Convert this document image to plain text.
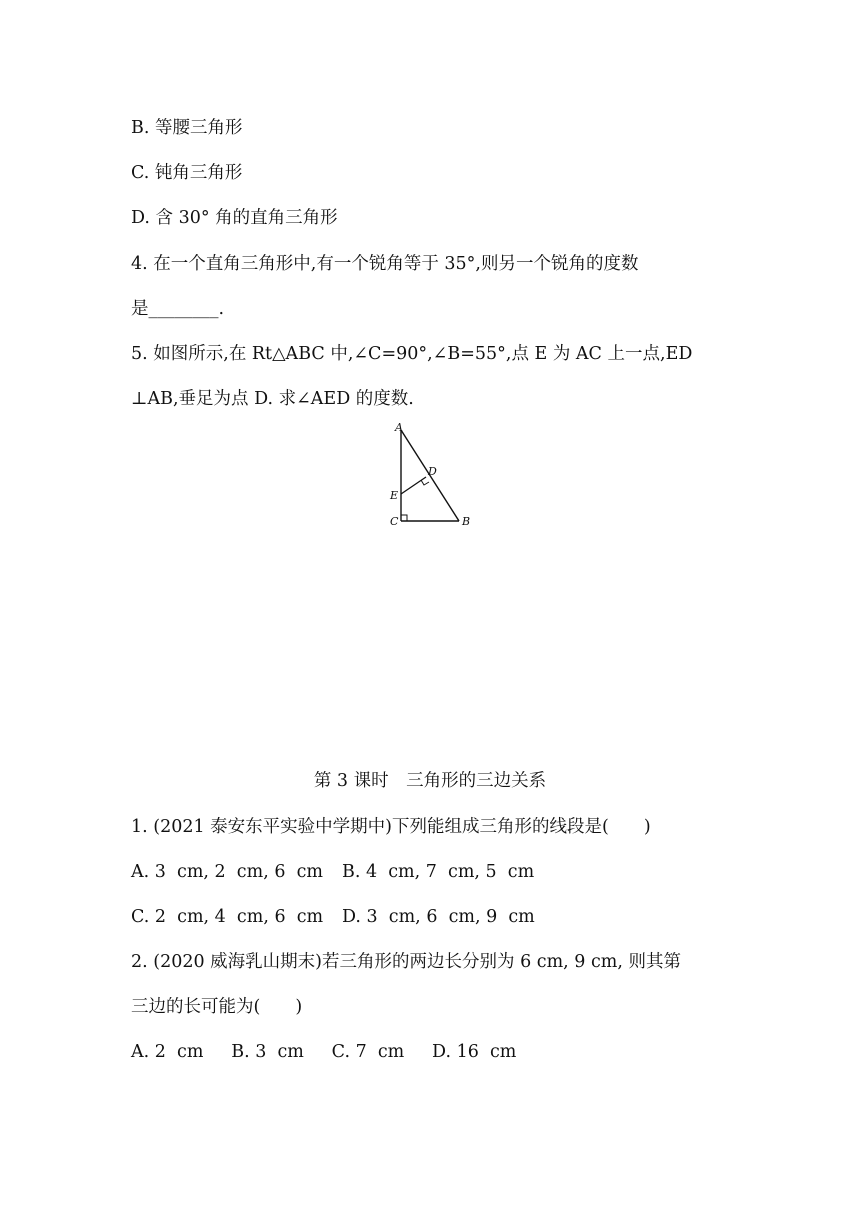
B. 等腰三角形
C. 钝角三角形
D. 含 30° 角的直角三角形
4. 在一个直角三角形中,有一个锐角等于 35°,则另一个锐角的度数
是________.
5. 如图所示,在 Rt△ABC 中,∠C=90°,∠B=55°,点 E 为 AC 上一点,ED
⊥AB,垂足为点 D. 求∠AED 的度数.
A
B
C
D
E
第 3 课时　三角形的三边关系
1. (2021 泰安东平实验中学期中)下列能组成三角形的线段是(　　)
A. 3  cm, 2  cm, 6  cm B. 4  cm, 7  cm, 5  cm
C. 2  cm, 4  cm, 6  cm D. 3  cm, 6  cm, 9  cm
2. (2020 威海乳山期末)若三角形的两边长分别为 6 cm, 9 cm, 则其第
三边的长可能为(　　)
A. 2  cm     B. 3  cm     C. 7  cm     D. 16  cm
